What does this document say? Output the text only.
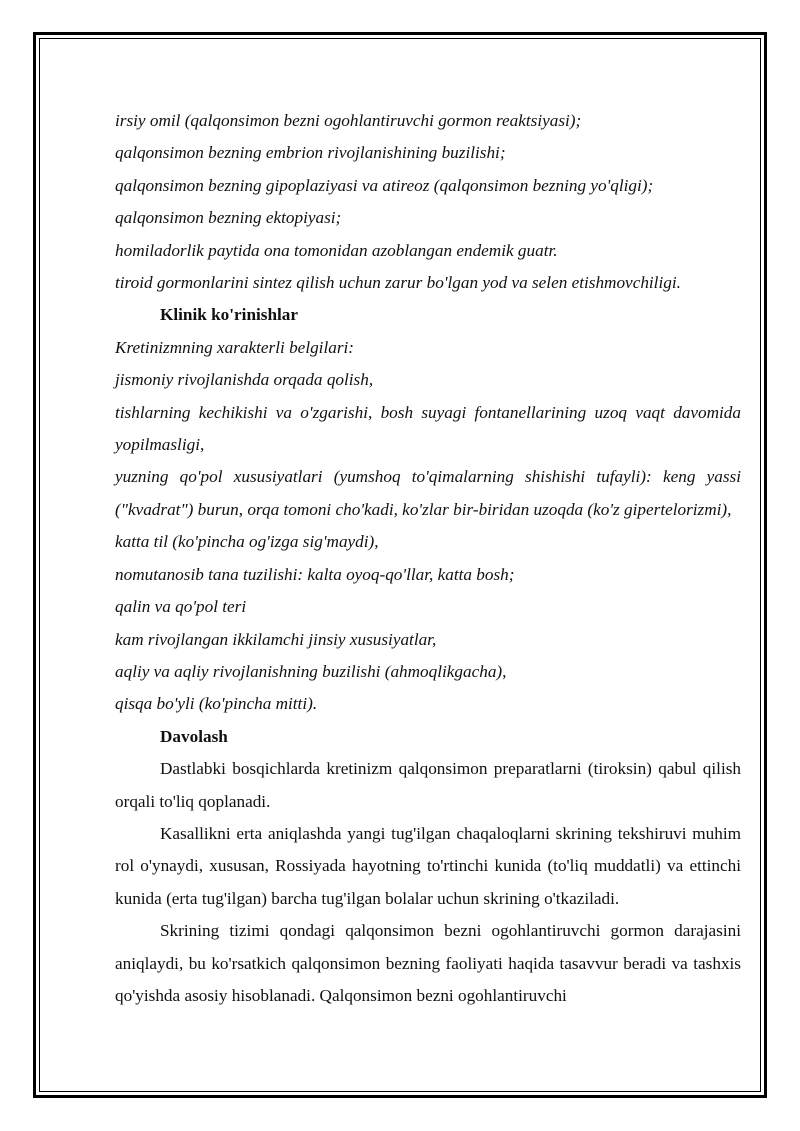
irsiy omil (qalqonsimon bezni ogohlantiruvchi gormon reaktsiyasi);
qalqonsimon bezning embrion rivojlanishining buzilishi;
qalqonsimon bezning gipoplaziyasi va atireoz (qalqonsimon bezning yo'qligi);
qalqonsimon bezning ektopiyasi;
homiladorlik paytida ona tomonidan azoblangan endemik guatr.
tiroid gormonlarini sintez qilish uchun zarur bo'lgan yod va selen etishmovchiligi.
Klinik ko'rinishlar
Kretinizmning xarakterli belgilari:
jismoniy rivojlanishda orqada qolish,
tishlarning kechikishi va o'zgarishi, bosh suyagi fontanellarining uzoq vaqt davomida yopilmasligi,
yuzning qo'pol xususiyatlari (yumshoq to'qimalarning shishishi tufayli): keng yassi ("kvadrat") burun, orqa tomoni cho'kadi, ko'zlar bir-biridan uzoqda (ko'z gipertelorizmi),
katta til (ko'pincha og'izga sig'maydi),
nomutanosib tana tuzilishi: kalta oyoq-qo'llar, katta bosh;
qalin va qo'pol teri
kam rivojlangan ikkilamchi jinsiy xususiyatlar,
aqliy va aqliy rivojlanishning buzilishi (ahmoqlikgacha),
qisqa bo'yli (ko'pincha mitti).
Davolash
Dastlabki bosqichlarda kretinizm qalqonsimon preparatlarni (tiroksin) qabul qilish orqali to'liq qoplanadi.
Kasallikni erta aniqlashda yangi tug'ilgan chaqaloqlarni skrining tekshiruvi muhim rol o'ynaydi, xususan, Rossiyada hayotning to'rtinchi kunida (to'liq muddatli) va ettinchi kunida (erta tug'ilgan) barcha tug'ilgan bolalar uchun skrining o'tkaziladi.
Skrining tizimi qondagi qalqonsimon bezni ogohlantiruvchi gormon darajasini aniqlaydi, bu ko'rsatkich qalqonsimon bezning faoliyati haqida tasavvur beradi va tashxis qo'yishda asosiy hisoblanadi. Qalqonsimon bezni ogohlantiruvchi
